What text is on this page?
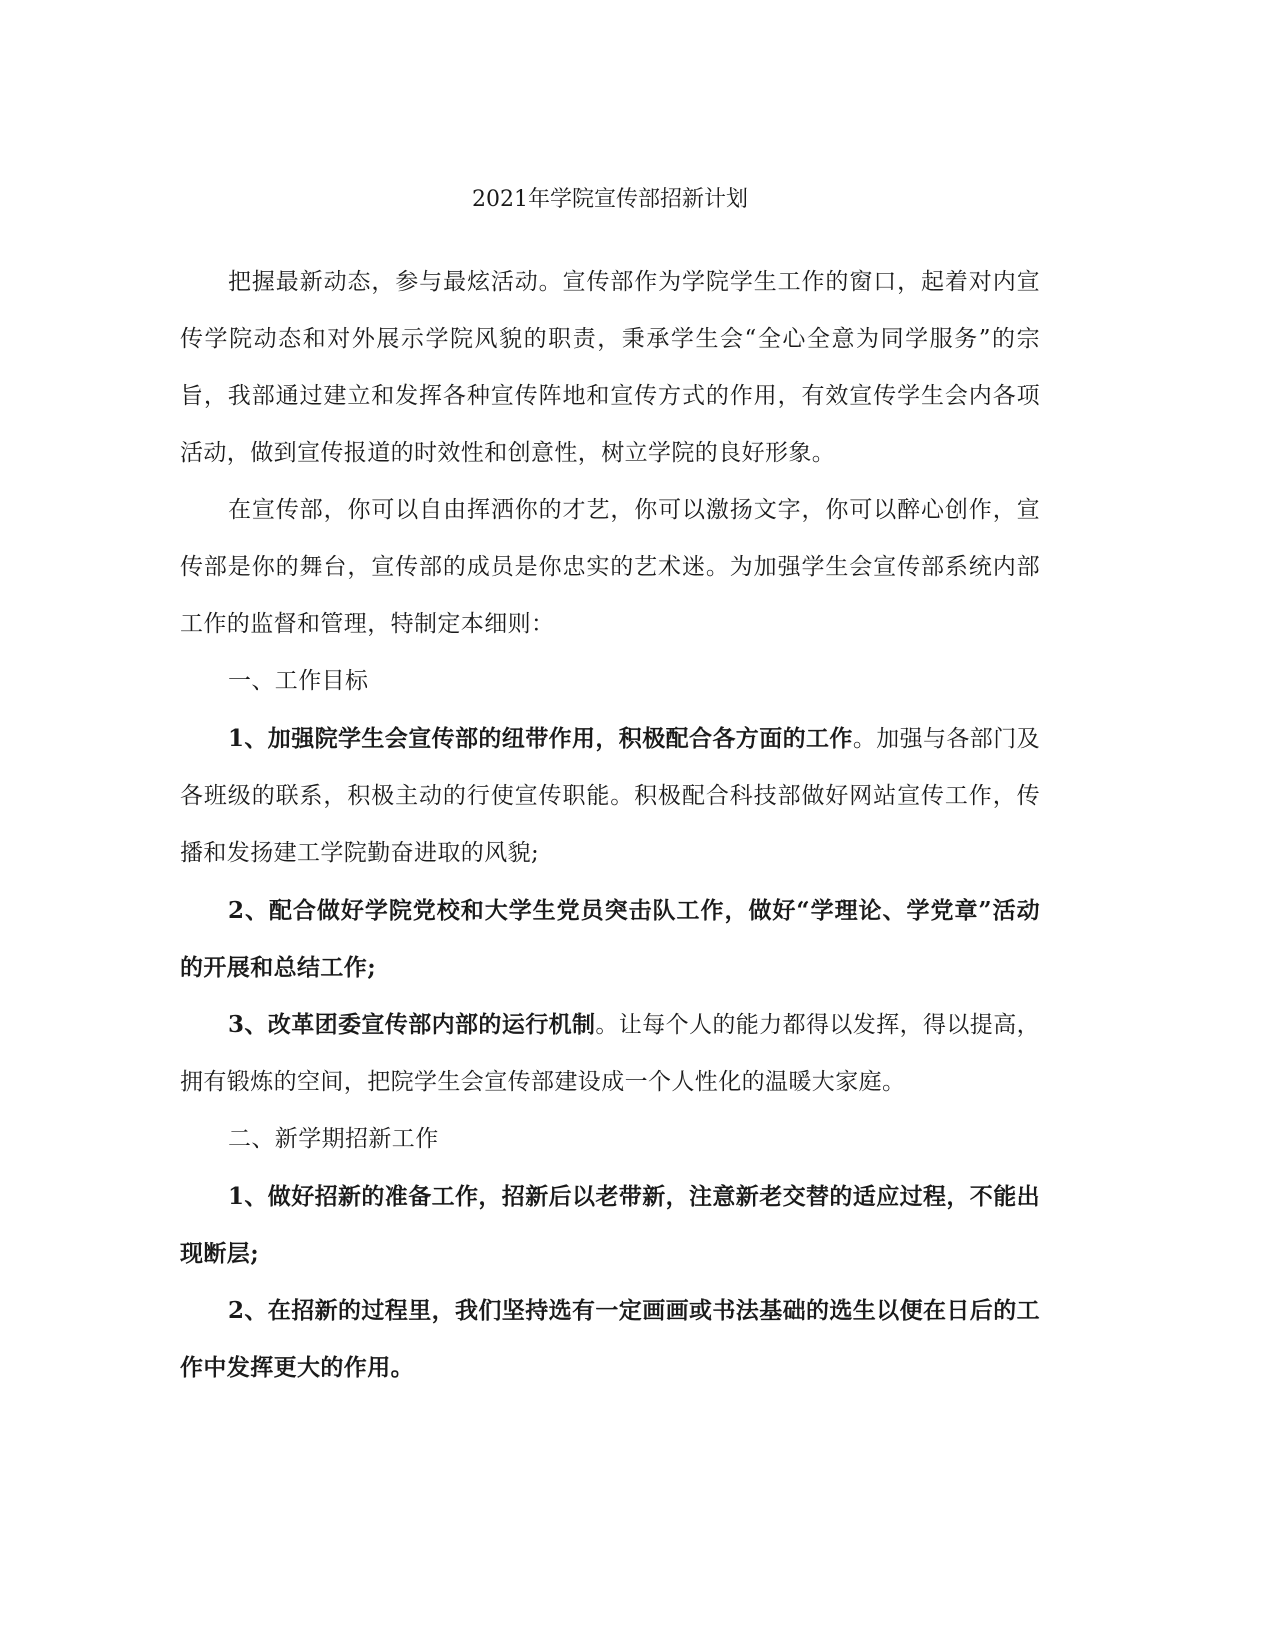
2021年学院宣传部招新计划

把握最新动态，参与最炫活动。宣传部作为学院学生工作的窗口，起着对内宣传学院动态和对外展示学院风貌的职责，秉承学生会“全心全意为同学服务”的宗旨，我部通过建立和发挥各种宣传阵地和宣传方式的作用，有效宣传学生会内各项活动，做到宣传报道的时效性和创意性，树立学院的良好形象。

在宣传部，你可以自由挥洒你的才艺，你可以激扬文字，你可以醉心创作，宣传部是你的舞台，宣传部的成员是你忠实的艺术迷。为加强学生会宣传部系统内部工作的监督和管理，特制定本细则：

一、工作目标

1、加强院学生会宣传部的纽带作用，积极配合各方面的工作。加强与各部门及各班级的联系，积极主动的行使宣传职能。积极配合科技部做好网站宣传工作，传播和发扬建工学院勤奋进取的风貌;

2、配合做好学院党校和大学生党员突击队工作，做好“学理论、学党章”活动的开展和总结工作;

3、改革团委宣传部内部的运行机制。让每个人的能力都得以发挥，得以提高，拥有锻炼的空间，把院学生会宣传部建设成一个人性化的温暖大家庭。

二、新学期招新工作

1、做好招新的准备工作，招新后以老带新，注意新老交替的适应过程，不能出现断层;

2、在招新的过程里，我们坚持选有一定画画或书法基础的选生以便在日后的工作中发挥更大的作用。
